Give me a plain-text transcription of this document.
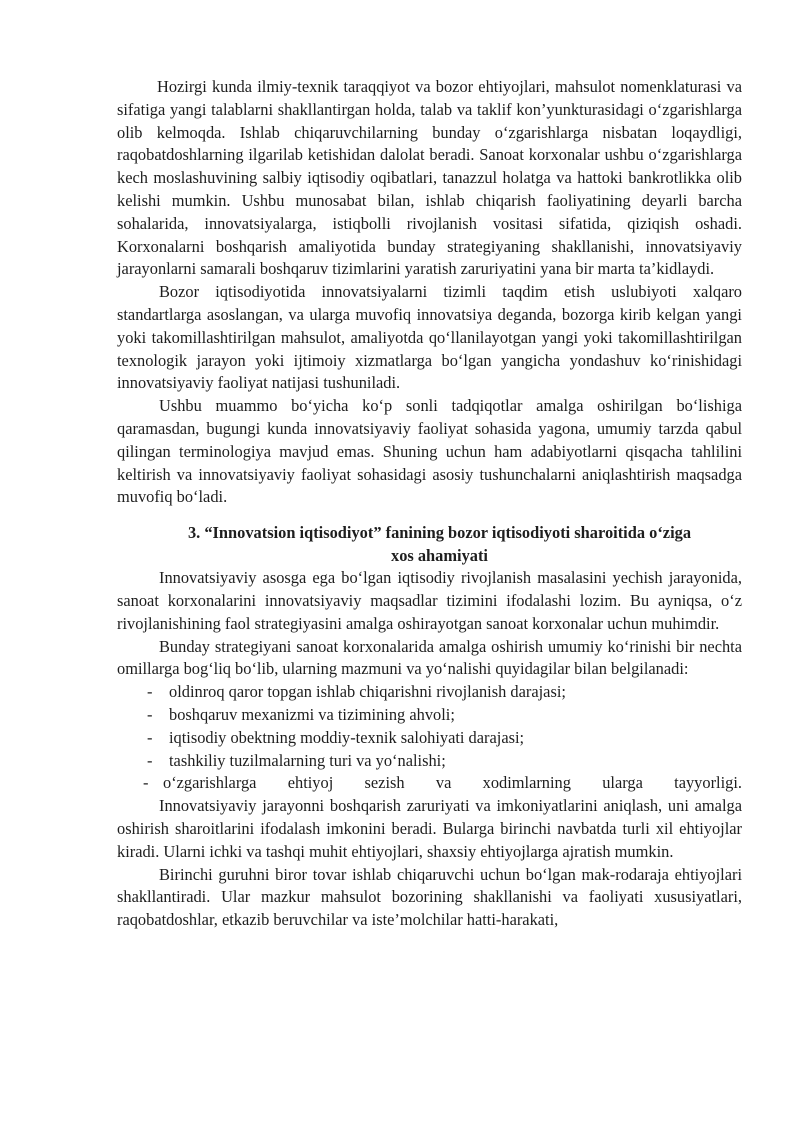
Hozirgi kunda ilmiy-texnik taraqqiyot va bozor ehtiyojlari, mahsulot nomenklaturasi va sifatiga yangi talablarni shakllantirgan holda, talab va taklif kon’yunkturasidagi o‘zgarishlarga olib kelmoqda. Ishlab chiqaruvchilarning bunday o‘zgarishlarga nisbatan loqaydligi, raqobatdoshlarning ilgarilab ketishidan dalolat beradi. Sanoat korxonalar ushbu o‘zgarishlarga kech moslashuvining salbiy iqtisodiy oqibatlari, tanazzul holatga va hattoki bankrotlikka olib kelishi mumkin. Ushbu munosabat bilan, ishlab chiqarish faoliyatining deyarli barcha sohalarida, innovatsiyalarga, istiqbolli rivojlanish vositasi sifatida, qiziqish oshadi. Korxonalarni boshqarish amaliyotida bunday strategiyaning shakllanishi, innovatsiyaviy jarayonlarni samarali boshqaruv tizimlarini yaratish zaruriyatini yana bir marta ta’kidlaydi.

Bozor iqtisodiyotida innovatsiyalarni tizimli taqdim etish uslubiyoti xalqaro standartlarga asoslangan, va ularga muvofiq innovatsiya deganda, bozorga kirib kelgan yangi yoki takomillashtirilgan mahsulot, amaliyotda qo‘llanilayotgan yangi yoki takomillashtirilgan texnologik jarayon yoki ijtimoiy xizmatlarga bo‘lgan yangicha yondashuv ko‘rinishidagi innovatsiyaviy faoliyat natijasi tushuniladi.

Ushbu muammo bo‘yicha ko‘p sonli tadqiqotlar amalga oshirilgan bo‘lishiga qaramasdan, bugungi kunda innovatsiyaviy faoliyat sohasida yagona, umumiy tarzda qabul qilingan terminologiya mavjud emas. Shuning uchun ham adabiyotlarni qisqacha tahlilini keltirish va innovatsiyaviy faoliyat sohasidagi asosiy tushunchalarni aniqlashtirish maqsadga muvofiq bo‘ladi.

3. “Innovatsion iqtisodiyot” fanining bozor iqtisodiyoti sharoitida o‘ziga
xos ahamiyati

Innovatsiyaviy asosga ega bo‘lgan iqtisodiy rivojlanish masalasini yechish jarayonida, sanoat korxonalarini innovatsiyaviy maqsadlar tizimini ifodalashi lozim. Bu ayniqsa, o‘z rivojlanishining faol strategiyasini amalga oshirayotgan sanoat korxonalar uchun muhimdir.

Bunday strategiyani sanoat korxonalarida amalga oshirish umumiy ko‘rinishi bir nechta omillarga bog‘liq bo‘lib, ularning mazmuni va yo‘nalishi quyidagilar bilan belgilanadi:

- oldinroq qaror topgan ishlab chiqarishni rivojlanish darajasi;
- boshqaruv mexanizmi va tizimining ahvoli;
- iqtisodiy obektning moddiy-texnik salohiyati darajasi;
- tashkiliy tuzilmalarning turi va yo‘nalishi;
- o‘zgarishlarga ehtiyoj sezish va xodimlarning ularga tayyorligi.

Innovatsiyaviy jarayonni boshqarish zaruriyati va imkoniyatlarini aniqlash, uni amalga oshirish sharoitlarini ifodalash imkonini beradi. Bularga birinchi navbatda turli xil ehtiyojlar kiradi. Ularni ichki va tashqi muhit ehtiyojlari, shaxsiy ehtiyojlarga ajratish mumkin.

Birinchi guruhni biror tovar ishlab chiqaruvchi uchun bo‘lgan mak-rodaraja ehtiyojlari shakllantiradi. Ular mazkur mahsulot bozorining shakllanishi va faoliyati xususiyatlari, raqobatdoshlar, etkazib beruvchilar va iste’molchilar hatti-harakati,
